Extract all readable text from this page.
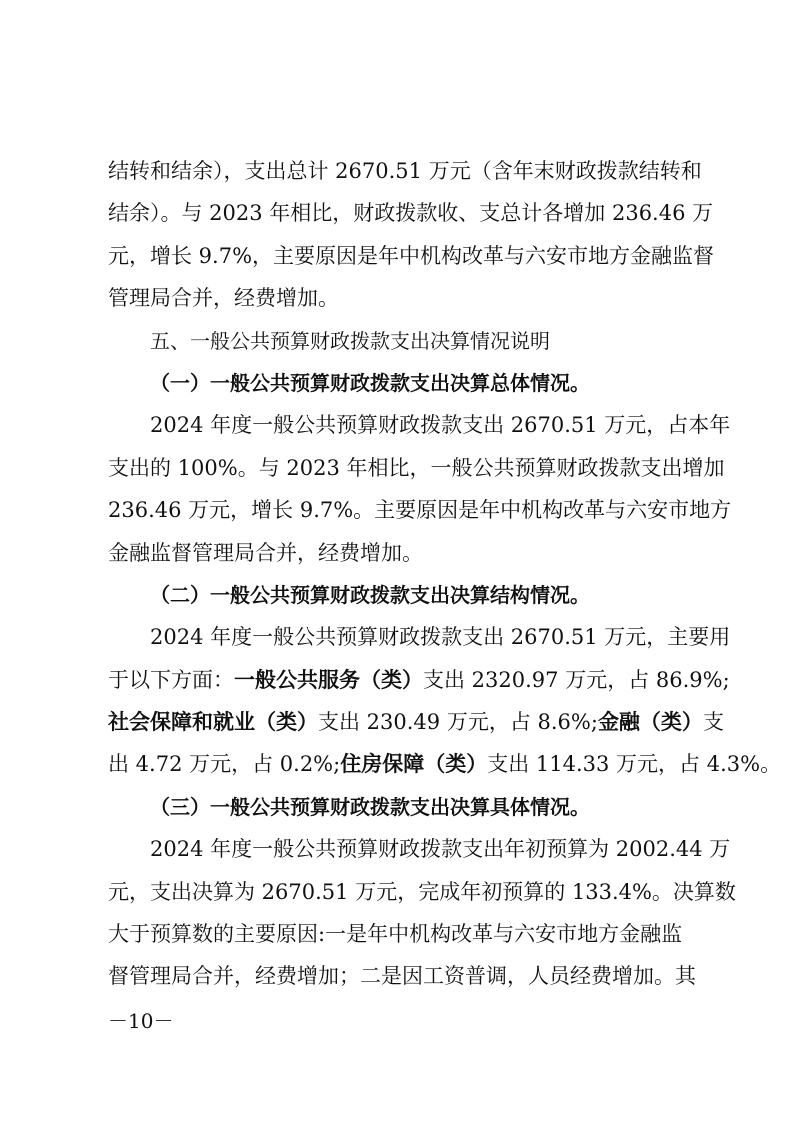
结转和结余），支出总计 2670.51 万元（含年末财政拨款结转和
结余）。与 2023 年相比，财政拨款收、支总计各增加 236.46 万
元，增长 9.7%，主要原因是年中机构改革与六安市地方金融监督
管理局合并，经费增加。
五、一般公共预算财政拨款支出决算情况说明
（一）一般公共预算财政拨款支出决算总体情况。
2024 年度一般公共预算财政拨款支出 2670.51 万元，占本年
支出的 100%。与 2023 年相比，一般公共预算财政拨款支出增加
236.46 万元，增长 9.7%。主要原因是年中机构改革与六安市地方
金融监督管理局合并，经费增加。
（二）一般公共预算财政拨款支出决算结构情况。
2024 年度一般公共预算财政拨款支出 2670.51 万元，主要用
于以下方面：一般公共服务（类）支出 2320.97 万元，占 86.9%;
社会保障和就业（类）支出 230.49 万元，占 8.6%;金融（类）支
出 4.72 万元，占 0.2%;住房保障（类）支出 114.33 万元，占 4.3%。
（三）一般公共预算财政拨款支出决算具体情况。
2024 年度一般公共预算财政拨款支出年初预算为 2002.44 万
元，支出决算为 2670.51 万元，完成年初预算的 133.4%。决算数
大于预算数的主要原因:一是年中机构改革与六安市地方金融监
督管理局合并，经费增加；二是因工资普调，人员经费增加。其
－10－
